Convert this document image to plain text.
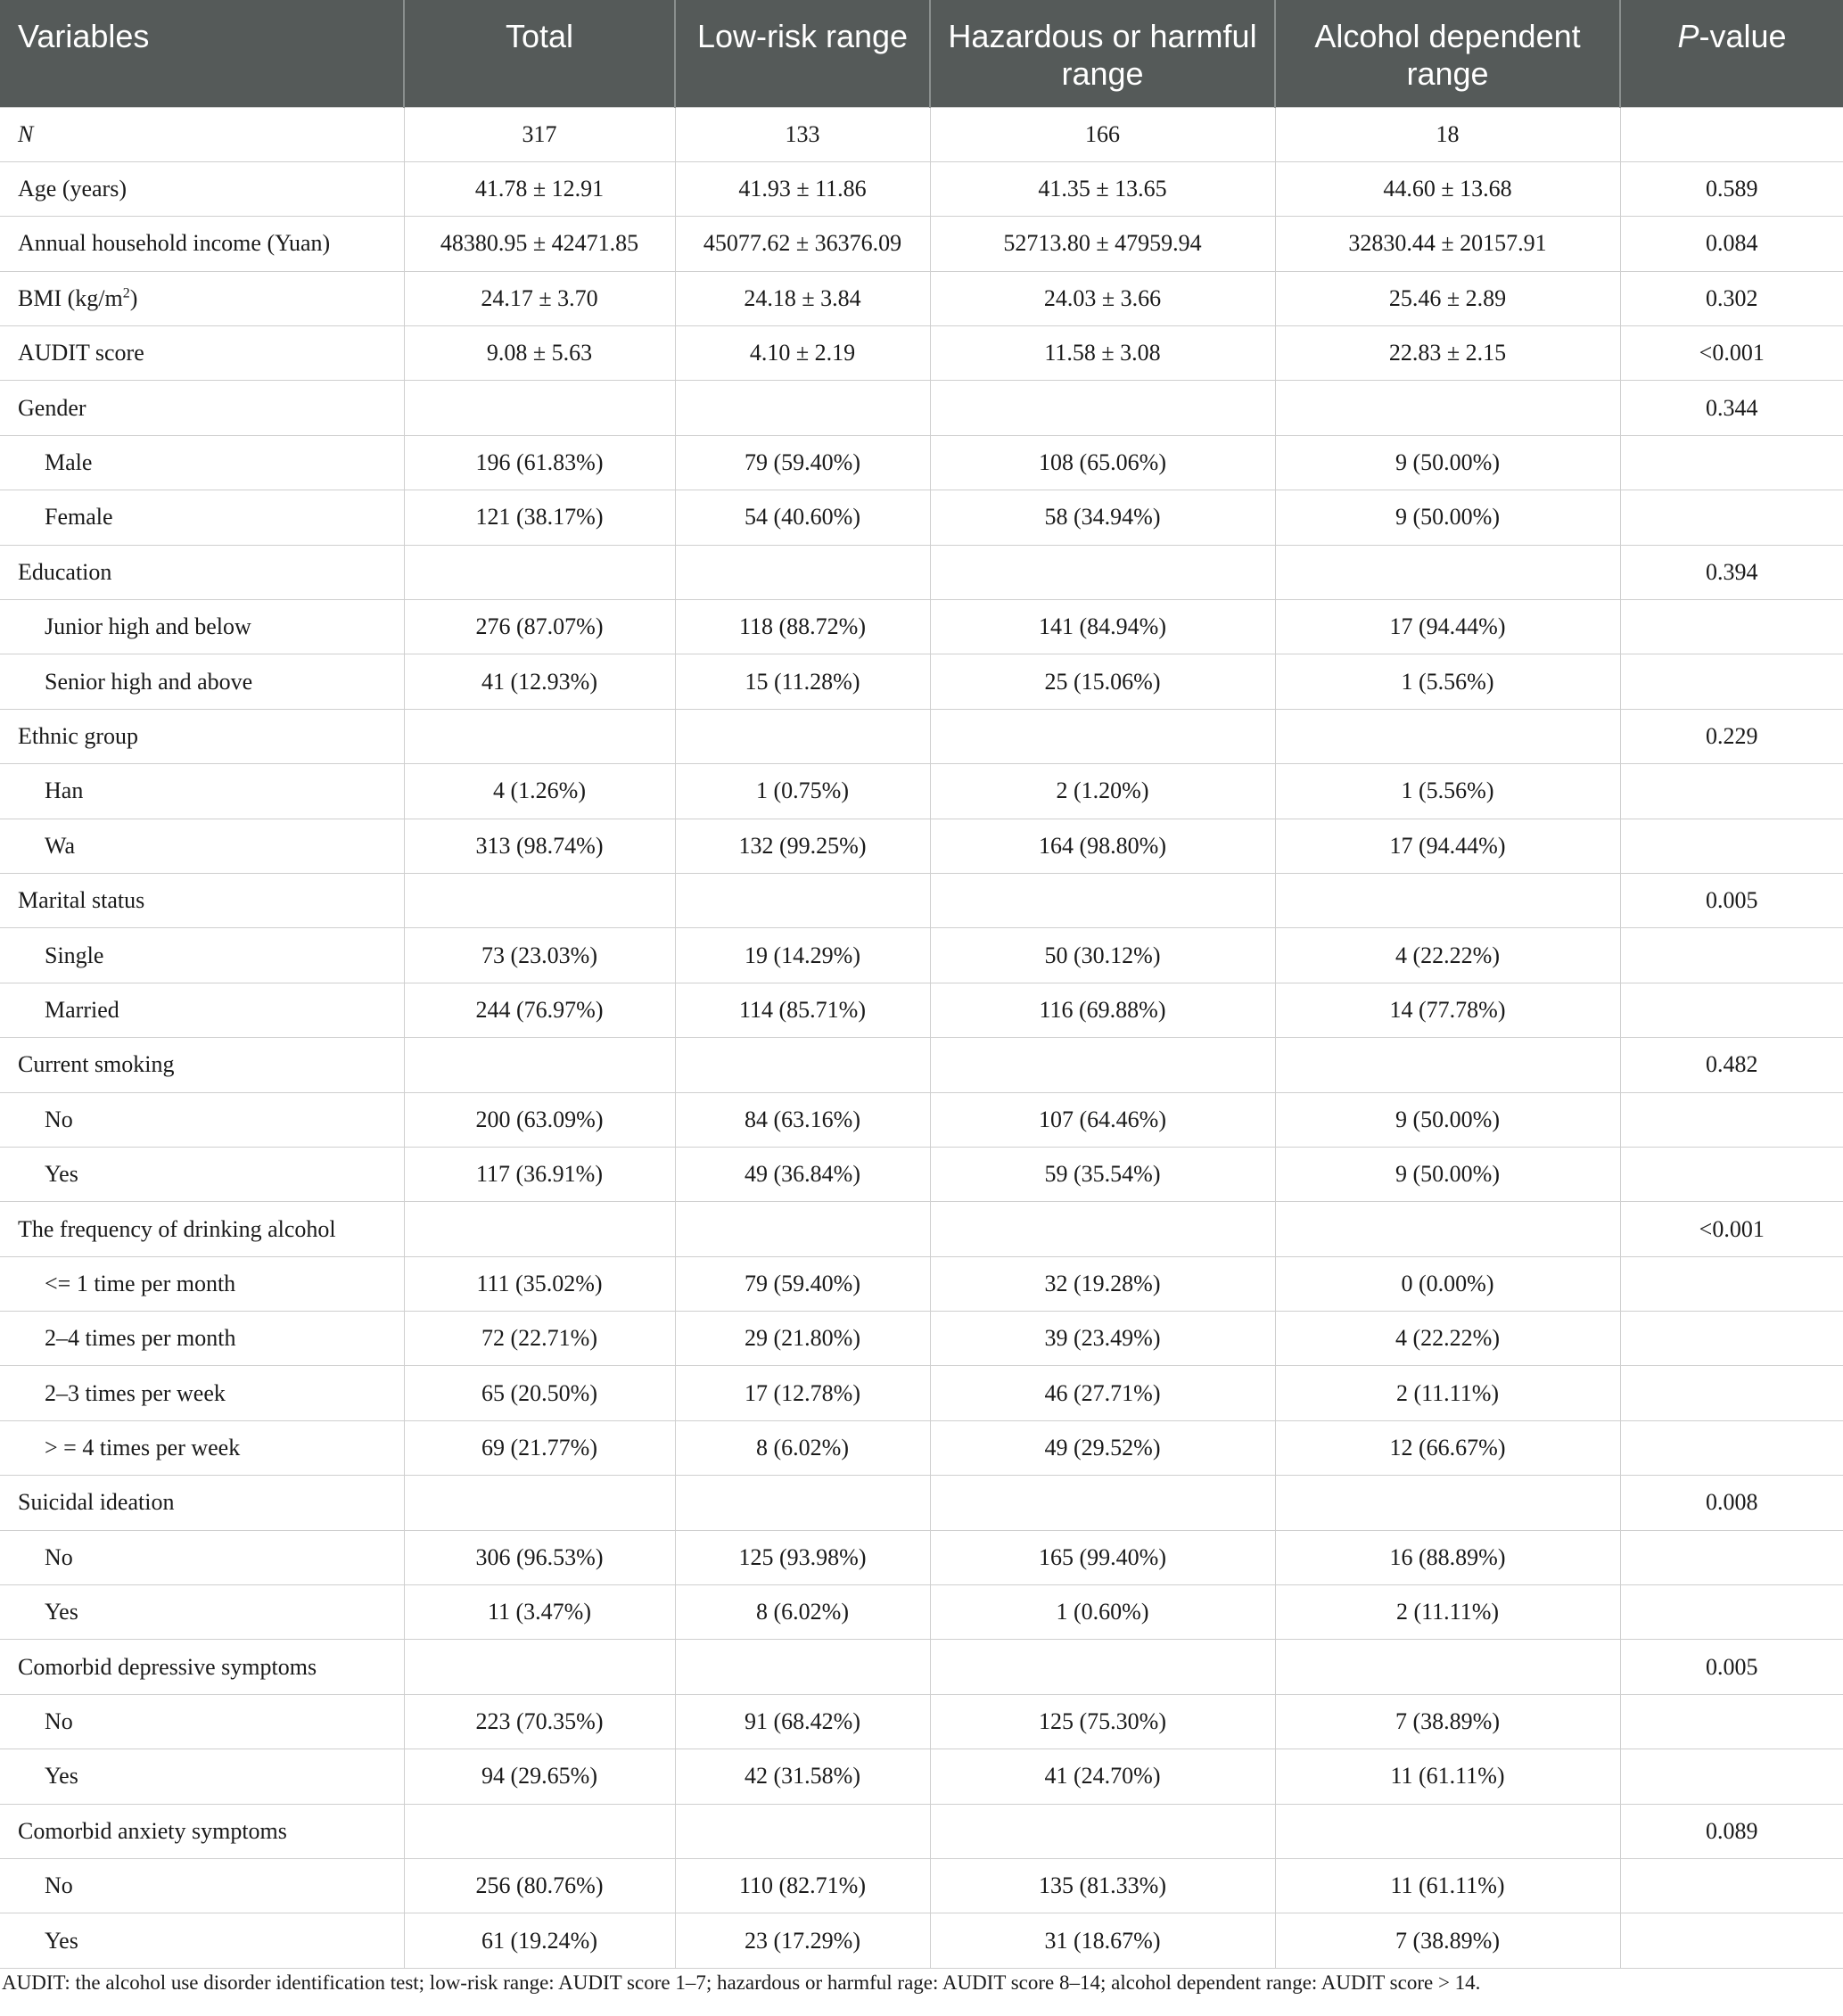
Variables	Total	Low-risk range	Hazardous or harmful range	Alcohol dependent range	P-value
N	317	133	166	18	
Age (years)	41.78 ± 12.91	41.93 ± 11.86	41.35 ± 13.65	44.60 ± 13.68	0.589
Annual household income (Yuan)	48380.95 ± 42471.85	45077.62 ± 36376.09	52713.80 ± 47959.94	32830.44 ± 20157.91	0.084
BMI $(kg/m^2)$	24.17 ± 3.70	24.18 ± 3.84	24.03 ± 3.66	25.46 ± 2.89	0.302
AUDIT score	9.08 ± 5.63	4.10 ± 2.19	11.58 ± 3.08	22.83 ± 2.15	<0.001
Gender					0.344
Male	196 (61.83%)	79 (59.40%)	108 (65.06%)	9 (50.00%)	
Female	121 (38.17%)	54 (40.60%)	58 (34.94%)	9 (50.00%)	
Education					0.394
Junior high and below	276 (87.07%)	118 (88.72%)	141 (84.94%)	17 (94.44%)	
Senior high and above	41 (12.93%)	15 (11.28%)	25 (15.06%)	1 (5.56%)	
Ethnic group					0.229
Han	4 (1.26%)	1 (0.75%)	2 (1.20%)	1 (5.56%)	
Wa	313 (98.74%)	132 (99.25%)	164 (98.80%)	17 (94.44%)	
Marital status					0.005
Single	73 (23.03%)	19 (14.29%)	50 (30.12%)	4 (22.22%)	
Married	244 (76.97%)	114 (85.71%)	116 (69.88%)	14 (77.78%)	
Current smoking					0.482
No	200 (63.09%)	84 (63.16%)	107 (64.46%)	9 (50.00%)	
Yes	117 (36.91%)	49 (36.84%)	59 (35.54%)	9 (50.00%)	
The frequency of drinking alcohol					<0.001
<= 1 time per month	111 (35.02%)	79 (59.40%)	32 (19.28%)	0 (0.00%)	
2–4 times per month	72 (22.71%)	29 (21.80%)	39 (23.49%)	4 (22.22%)	
2–3 times per week	65 (20.50%)	17 (12.78%)	46 (27.71%)	2 (11.11%)	
> = 4 times per week	69 (21.77%)	8 (6.02%)	49 (29.52%)	12 (66.67%)	
Suicidal ideation					0.008
No	306 (96.53%)	125 (93.98%)	165 (99.40%)	16 (88.89%)	
Yes	11 (3.47%)	8 (6.02%)	1 (0.60%)	2 (11.11%)	
Comorbid depressive symptoms					0.005
No	223 (70.35%)	91 (68.42%)	125 (75.30%)	7 (38.89%)	
Yes	94 (29.65%)	42 (31.58%)	41 (24.70%)	11 (61.11%)	
Comorbid anxiety symptoms					0.089
No	256 (80.76%)	110 (82.71%)	135 (81.33%)	11 (61.11%)	
Yes	61 (19.24%)	23 (17.29%)	31 (18.67%)	7 (38.89%)	
AUDIT: the alcohol use disorder identification test; low-risk range: AUDIT score 1–7; hazardous or harmful rage: AUDIT score 8–14; alcohol dependent range: AUDIT score > 14.
